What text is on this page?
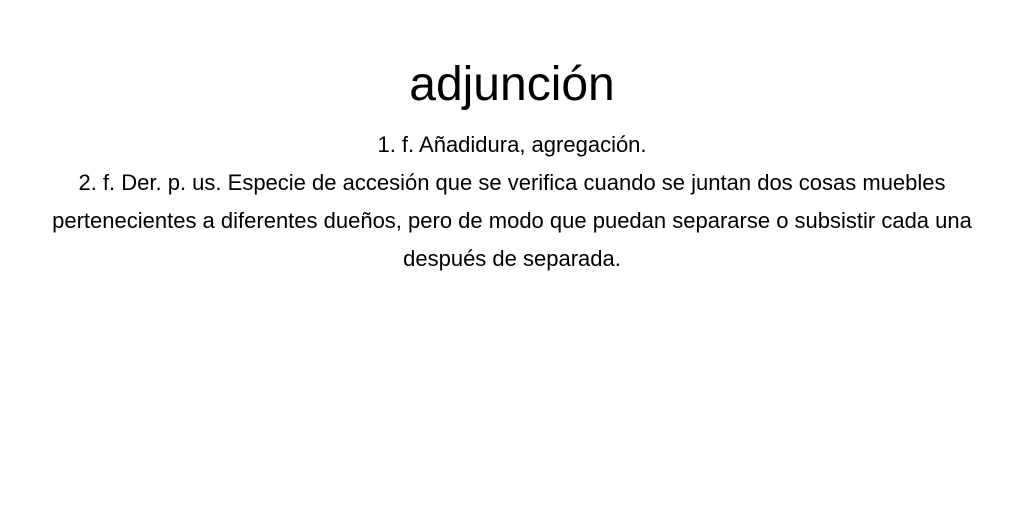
adjunción
1. f. Añadidura, agregación.
2. f. Der. p. us. Especie de accesión que se verifica cuando se juntan dos cosas muebles pertenecientes a diferentes dueños, pero de modo que puedan separarse o subsistir cada una después de separada.
